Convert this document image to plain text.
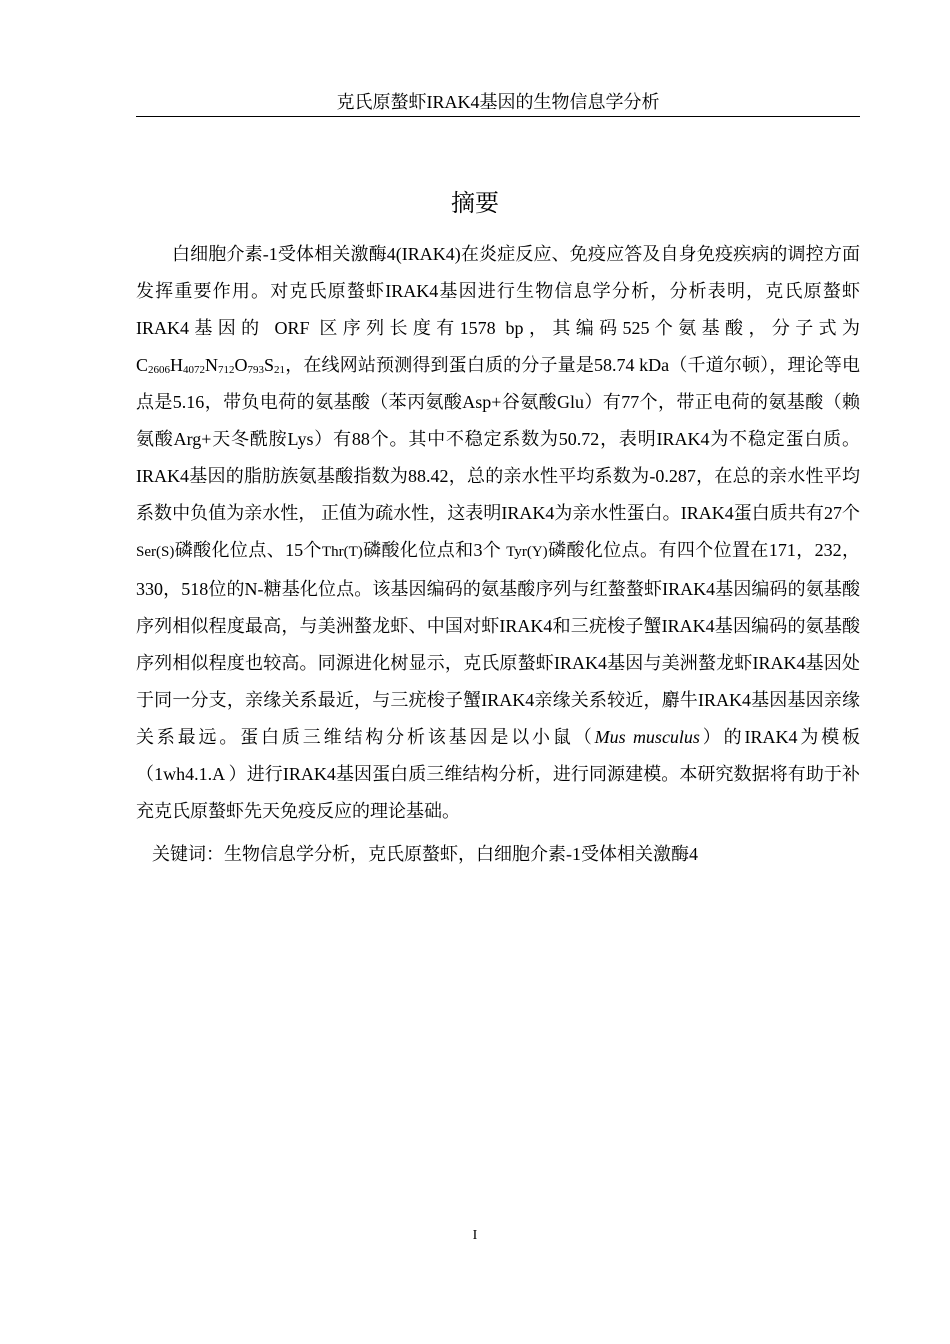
克氏原螯虾IRAK4基因的生物信息学分析
摘要

白细胞介素-1受体相关激酶4(IRAK4)在炎症反应、免疫应答及自身免疫疾病的调控方面发挥重要作用。对克氏原螯虾IRAK4基因进行生物信息学分析，分析表明，克氏原螯虾IRAK4基因的 ORF 区序列长度有1578 bp，其编码525个氨基酸，分子式为$C_{2606}H_{4072}N_{712}O_{793}S_{21}$，在线网站预测得到蛋白质的分子量是58.74 kDa（千道尔顿），理论等电点是5.16，带负电荷的氨基酸（苯丙氨酸Asp+谷氨酸Glu）有77个，带正电荷的氨基酸（赖氨酸Arg+天冬酰胺Lys）有88个。其中不稳定系数为50.72，表明IRAK4为不稳定蛋白质。IRAK4基因的脂肪族氨基酸指数为88.42，总的亲水性平均系数为-0.287，在总的亲水性平均系数中负值为亲水性， 正值为疏水性，这表明IRAK4为亲水性蛋白。IRAK4蛋白质共有27个Ser(S)磷酸化位点、15个Thr(T)磷酸化位点和3个 Tyr(Y)磷酸化位点。有四个位置在171，232，330，518位的N-糖基化位点。该基因编码的氨基酸序列与红螯螯虾IRAK4基因编码的氨基酸序列相似程度最高，与美洲螯龙虾、中国对虾IRAK4和三疣梭子蟹IRAK4基因编码的氨基酸序列相似程度也较高。同源进化树显示，克氏原螯虾IRAK4基因与美洲螯龙虾IRAK4基因处于同一分支，亲缘关系最近，与三疣梭子蟹IRAK4亲缘关系较近，麝牛IRAK4基因基因亲缘关系最远。蛋白质三维结构分析该基因是以小鼠（Mus musculus）的IRAK4为模板（1wh4.1.A ）进行IRAK4基因蛋白质三维结构分析，进行同源建模。本研究数据将有助于补充克氏原螯虾先天免疫反应的理论基础。

关键词：生物信息学分析，克氏原螯虾，白细胞介素-1受体相关激酶4
I
